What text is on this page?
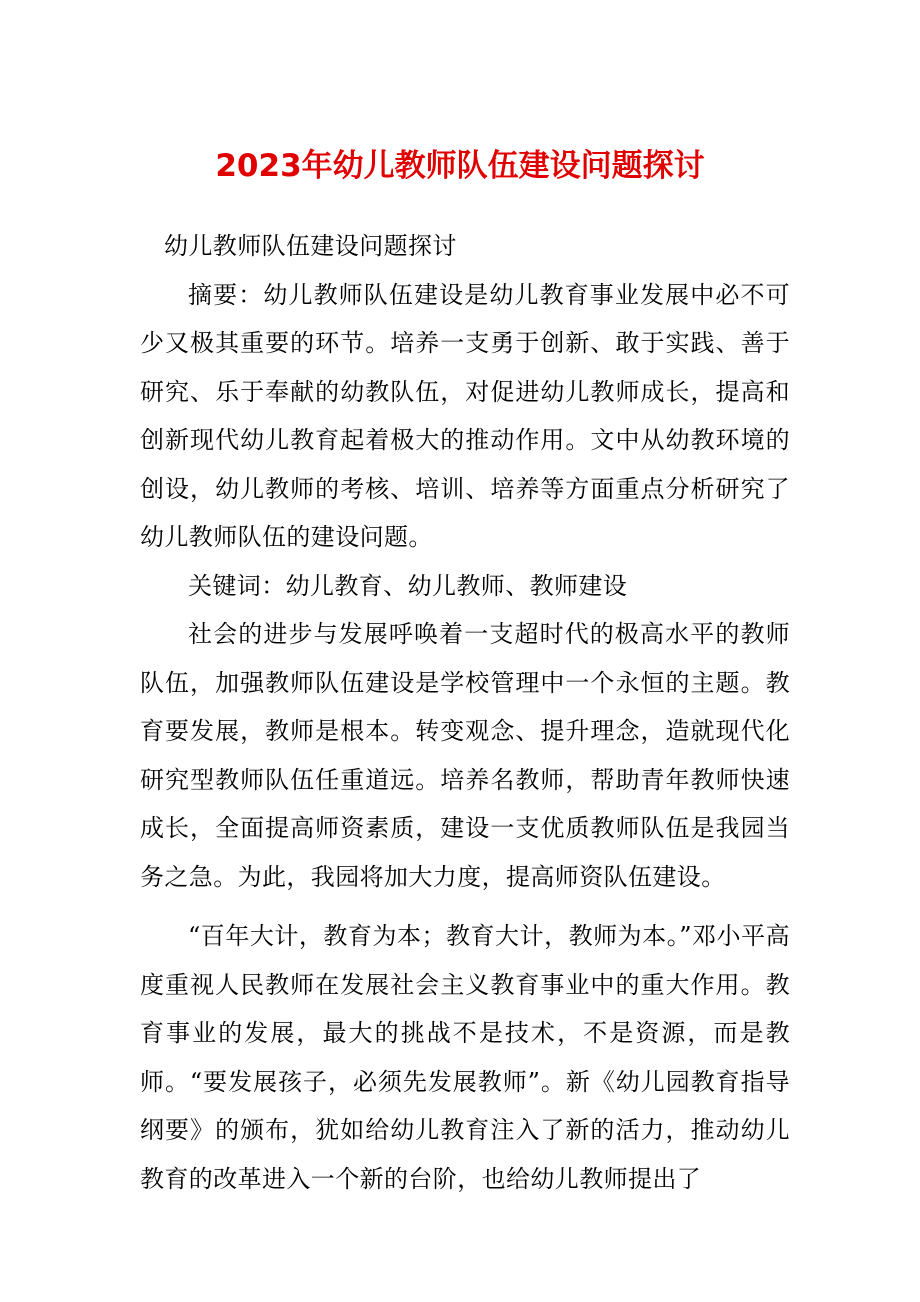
2023年幼儿教师队伍建设问题探讨

幼儿教师队伍建设问题探讨

摘要：幼儿教师队伍建设是幼儿教育事业发展中必不可少又极其重要的环节。培养一支勇于创新、敢于实践、善于研究、乐于奉献的幼教队伍，对促进幼儿教师成长，提高和创新现代幼儿教育起着极大的推动作用。文中从幼教环境的创设，幼儿教师的考核、培训、培养等方面重点分析研究了幼儿教师队伍的建设问题。

关键词：幼儿教育、幼儿教师、教师建设

社会的进步与发展呼唤着一支超时代的极高水平的教师队伍，加强教师队伍建设是学校管理中一个永恒的主题。教育要发展，教师是根本。转变观念、提升理念，造就现代化研究型教师队伍任重道远。培养名教师，帮助青年教师快速成长，全面提高师资素质，建设一支优质教师队伍是我园当务之急。为此，我园将加大力度，提高师资队伍建设。

“百年大计，教育为本；教育大计，教师为本。”邓小平高度重视人民教师在发展社会主义教育事业中的重大作用。教育事业的发展，最大的挑战不是技术，不是资源，而是教师。“要发展孩子，必须先发展教师”。新《幼儿园教育指导纲要》的颁布，犹如给幼儿教育注入了新的活力，推动幼儿教育的改革进入一个新的台阶，也给幼儿教师提出了
